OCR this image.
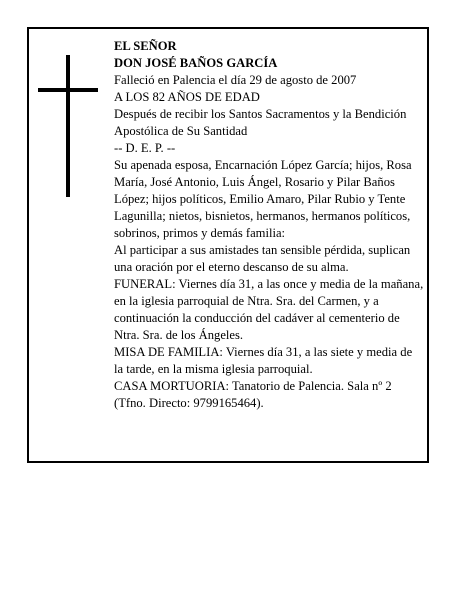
EL SEÑOR

DON JOSÉ BAÑOS GARCÍA

Falleció en Palencia el día 29 de agosto de 2007

A LOS 82 AÑOS DE EDAD

Después de recibir los Santos Sacramentos y la Bendición Apostólica de Su Santidad

-- D. E. P. --

Su apenada esposa, Encarnación López García; hijos, Rosa María, José Antonio, Luis Ángel, Rosario y Pilar Baños López; hijos políticos, Emilio Amaro, Pilar Rubio y Tente Lagunilla; nietos, bisnietos, hermanos, hermanos políticos, sobrinos, primos y demás familia:

Al participar a sus amistades tan sensible pérdida, suplican una oración por el eterno descanso de su alma.

FUNERAL: Viernes día 31, a las once y media de la mañana, en la iglesia parroquial de Ntra. Sra. del Carmen, y a continuación la conducción del cadáver al cementerio de Ntra. Sra. de los Ángeles.

MISA DE FAMILIA: Viernes día 31, a las siete y media de la tarde, en la misma iglesia parroquial.

CASA MORTUORIA: Tanatorio de Palencia. Sala nº 2 (Tfno. Directo: 9799165464).
